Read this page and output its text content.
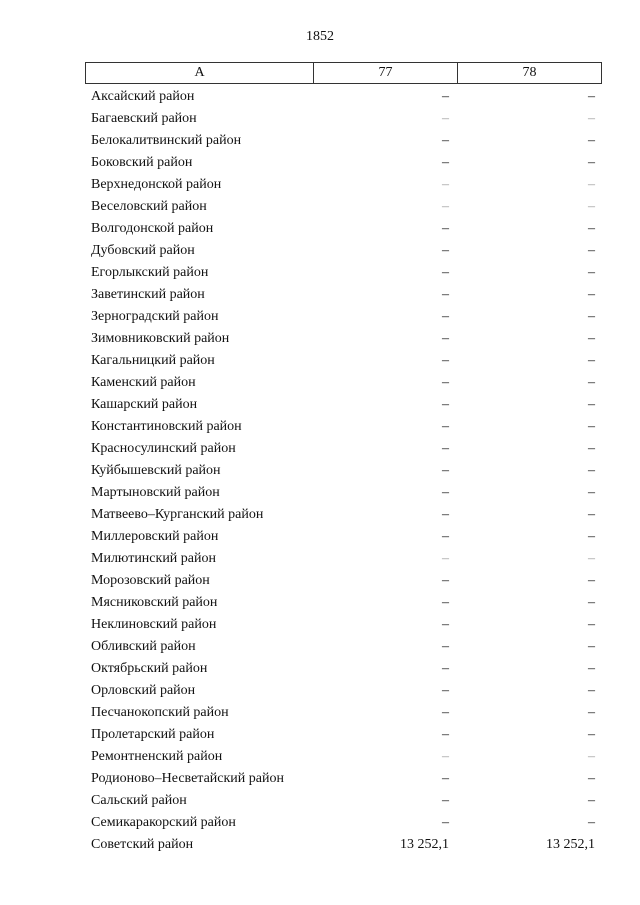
1852
А	77	78
Аксайский район	–	–
Багаевский район	–	–
Белокалитвинский район	–	–
Боковский район	–	–
Верхнедонской район	–	–
Веселовский район	–	–
Волгодонской район	–	–
Дубовский район	–	–
Егорлыкский район	–	–
Заветинский район	–	–
Зерноградский район	–	–
Зимовниковский район	–	–
Кагальницкий район	–	–
Каменский район	–	–
Кашарский район	–	–
Константиновский район	–	–
Красносулинский район	–	–
Куйбышевский район	–	–
Мартыновский район	–	–
Матвеево–Курганский район	–	–
Миллеровский район	–	–
Милютинский район	–	–
Морозовский район	–	–
Мясниковский район	–	–
Неклиновский район	–	–
Обливский район	–	–
Октябрьский район	–	–
Орловский район	–	–
Песчанокопский район	–	–
Пролетарский район	–	–
Ремонтненский район	–	–
Родионово–Несветайский район	–	–
Сальский район	–	–
Семикаракорский район	–	–
Советский район	13 252,1	13 252,1
